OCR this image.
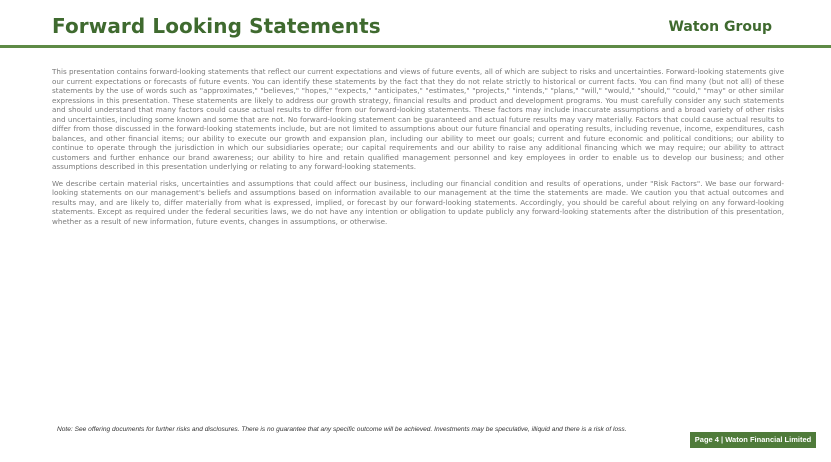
Forward Looking Statements	Waton Group

This presentation contains forward-looking statements that reflect our current expectations and views of future events, all of which are subject to risks and uncertainties. Forward-looking statements give our current expectations or forecasts of future events. You can identify these statements by the fact that they do not relate strictly to historical or current facts. You can find many (but not all) of these statements by the use of words such as "approximates," "believes," "hopes," "expects," "anticipates," "estimates," "projects," "intends," "plans," "will," "would," "should," "could," "may" or other similar expressions in this presentation. These statements are likely to address our growth strategy, financial results and product and development programs. You must carefully consider any such statements and should understand that many factors could cause actual results to differ from our forward-looking statements. These factors may include inaccurate assumptions and a broad variety of other risks and uncertainties, including some known and some that are not. No forward-looking statement can be guaranteed and actual future results may vary materially. Factors that could cause actual results to differ from those discussed in the forward-looking statements include, but are not limited to assumptions about our future financial and operating results, including revenue, income, expenditures, cash balances, and other financial items; our ability to execute our growth and expansion plan, including our ability to meet our goals; current and future economic and political conditions; our ability to continue to operate through the jurisdiction in which our subsidiaries operate; our capital requirements and our ability to raise any additional financing which we may require; our ability to attract customers and further enhance our brand awareness; our ability to hire and retain qualified management personnel and key employees in order to enable us to develop our business; and other assumptions described in this presentation underlying or relating to any forward-looking statements.

We describe certain material risks, uncertainties and assumptions that could affect our business, including our financial condition and results of operations, under "Risk Factors". We base our forward-looking statements on our management's beliefs and assumptions based on information available to our management at the time the statements are made. We caution you that actual outcomes and results may, and are likely to, differ materially from what is expressed, implied, or forecast by our forward-looking statements. Accordingly, you should be careful about relying on any forward-looking statements. Except as required under the federal securities laws, we do not have any intention or obligation to update publicly any forward-looking statements after the distribution of this presentation, whether as a result of new information, future events, changes in assumptions, or otherwise.

Note: See offering documents for further risks and disclosures. There is no guarantee that any specific outcome will be achieved. Investments may be speculative, illiquid and there is a risk of loss.
Page 4 | Waton Financial Limited
